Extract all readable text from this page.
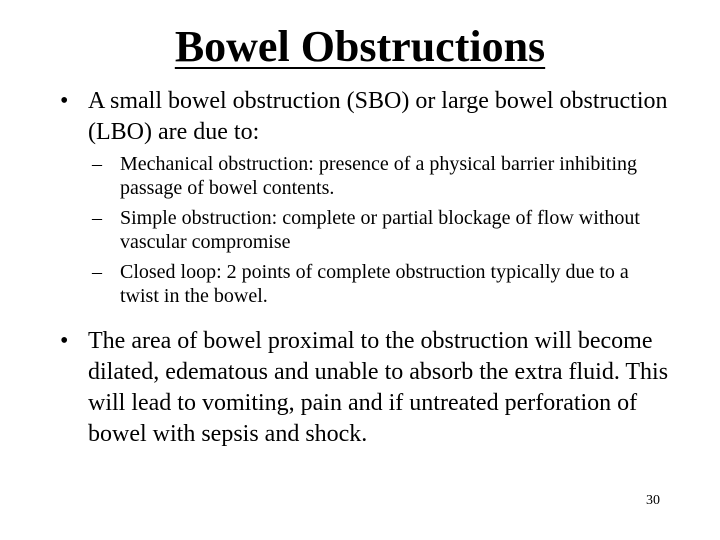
Bowel Obstructions
• A small bowel obstruction (SBO) or large bowel obstruction (LBO) are due to:
– Mechanical obstruction: presence of a physical barrier inhibiting passage of bowel contents.
– Simple obstruction: complete or partial blockage of flow without vascular compromise
– Closed loop: 2 points of complete obstruction typically due to a twist in the bowel.
• The area of bowel proximal to the obstruction will become dilated, edematous and unable to absorb the extra fluid. This will lead to vomiting, pain and if untreated perforation of bowel with sepsis and shock.
30
